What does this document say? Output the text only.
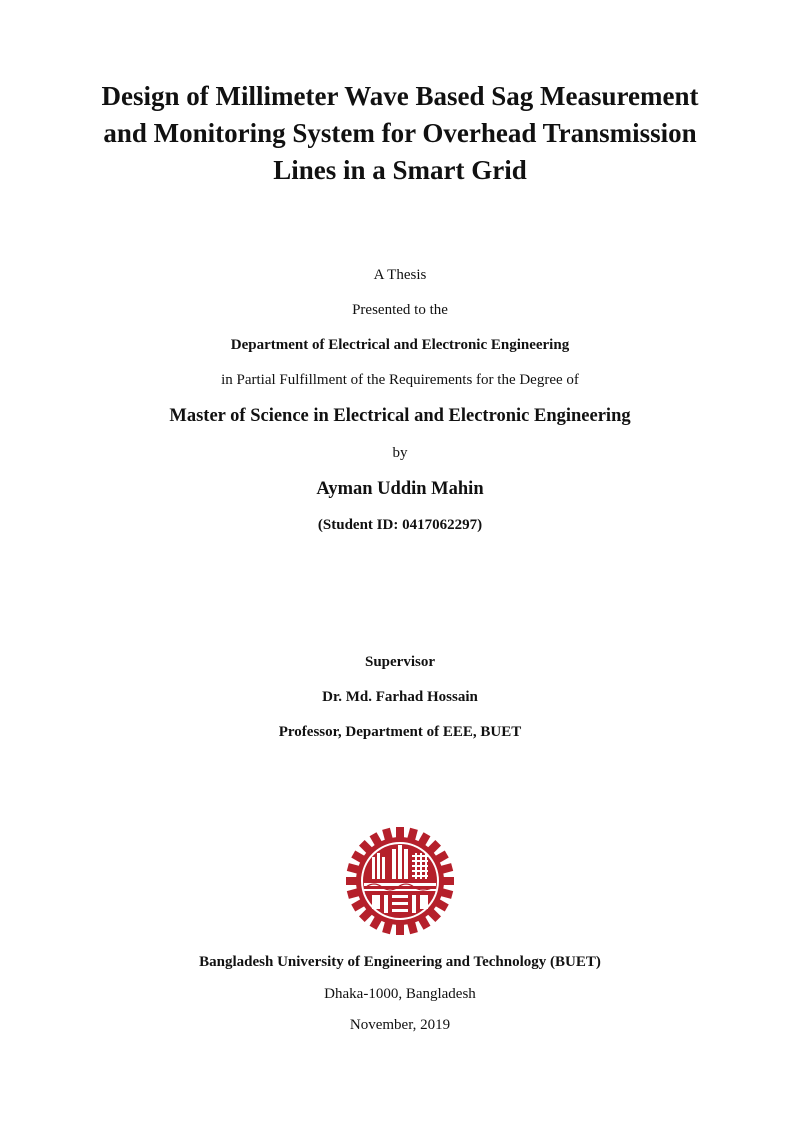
Design of Millimeter Wave Based Sag Measurement
and Monitoring System for Overhead Transmission
Lines in a Smart Grid
A Thesis
Presented to the
Department of Electrical and Electronic Engineering
in Partial Fulfillment of the Requirements for the Degree of
Master of Science in Electrical and Electronic Engineering
by
Ayman Uddin Mahin
(Student ID: 0417062297)
Supervisor
Dr. Md. Farhad Hossain
Professor, Department of EEE, BUET
Bangladesh University of Engineering and Technology (BUET)
Dhaka-1000, Bangladesh
November, 2019
